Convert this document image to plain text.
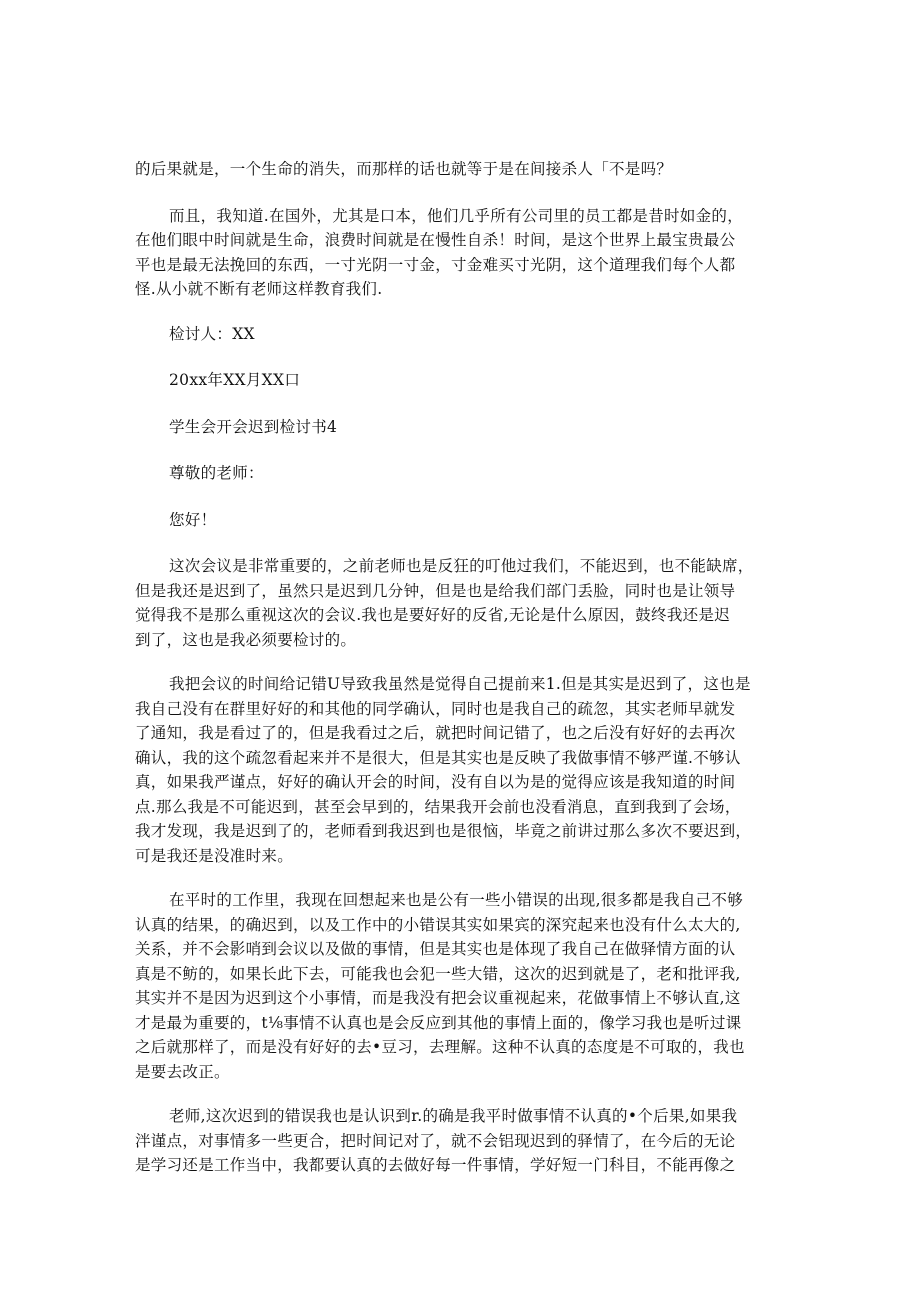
的后果就是，一个生命的消失，而那样的话也就等于是在间接杀人「不是吗？
而且，我知道.在国外，尤其是口本，他们几乎所有公司里的员工都是昔时如金的，
在他们眼中时间就是生命，浪费时间就是在慢性自杀！时间，是这个世界上最宝贵最公
平也是最无法挽回的东西，一寸光阴一寸金，寸金难买寸光阴，这个道理我们每个人都
怪.从小就不断有老师这样教育我们.
检讨人：XX
20xx年XX月XX口
学生会开会迟到检讨书4
尊敬的老师：
您好！
这次会议是非常重要的，之前老师也是反狂的叮他过我们，不能迟到，也不能缺席，
但是我还是迟到了，虽然只是迟到几分钟，但是也是给我们部门丢脸，同时也是让领导
觉得我不是那么重视这次的会议.我也是要好好的反省,无论是什么原因，鼓终我还是迟
到了，这也是我必须要检讨的。
我把会议的时间给记错U导致我虽然是觉得自己提前来1.但是其实是迟到了，这也是
我自己没有在群里好好的和其他的同学确认，同时也是我自己的疏忽，其实老师早就发
了通知，我是看过了的，但是我看过之后，就把时间记错了，也之后没有好好的去再次
确认，我的这个疏忽看起来并不是很大，但是其实也是反映了我做事情不够严谨.不够认
真，如果我严谨点，好好的确认开会的时间，没有自以为是的觉得应该是我知道的时间
点.那么我是不可能迟到，甚至会早到的，结果我开会前也没看消息，直到我到了会场，
我才发现，我是迟到了的，老师看到我迟到也是很恼，毕竟之前讲过那么多次不要迟到，
可是我还是没准时来。
在平时的工作里，我现在回想起来也是公有一些小错误的出现,很多都是我自己不够
认真的结果，的确迟到，以及工作中的小错误其实如果宾的深究起来也没有什么太大的,
关系，并不会影哨到会议以及做的事情，但是其实也是体现了我自己在做驿情方面的认
真是不鲂的，如果长此下去，可能我也会犯一些大错，这次的迟到就是了，老和批评我,
其实并不是因为迟到这个小事情，而是我没有把会议重视起来，花做事情上不够认直,这
才是最为重要的，t⅛事情不认真也是会反应到其他的事情上面的，像学习我也是听过课
之后就那样了，而是没有好好的去•豆习，去理解。这种不认真的态度是不可取的，我也
是要去改正。
老师,这次迟到的错误我也是认识到r.的确是我平时做事情不认真的•个后果,如果我
泮谨点，对事情多一些更合，把时间记对了，就不会铝现迟到的驿情了，在今后的无论
是学习还是工作当中，我都要认真的去做好每一件事情，学好短一门科目，不能再像之
